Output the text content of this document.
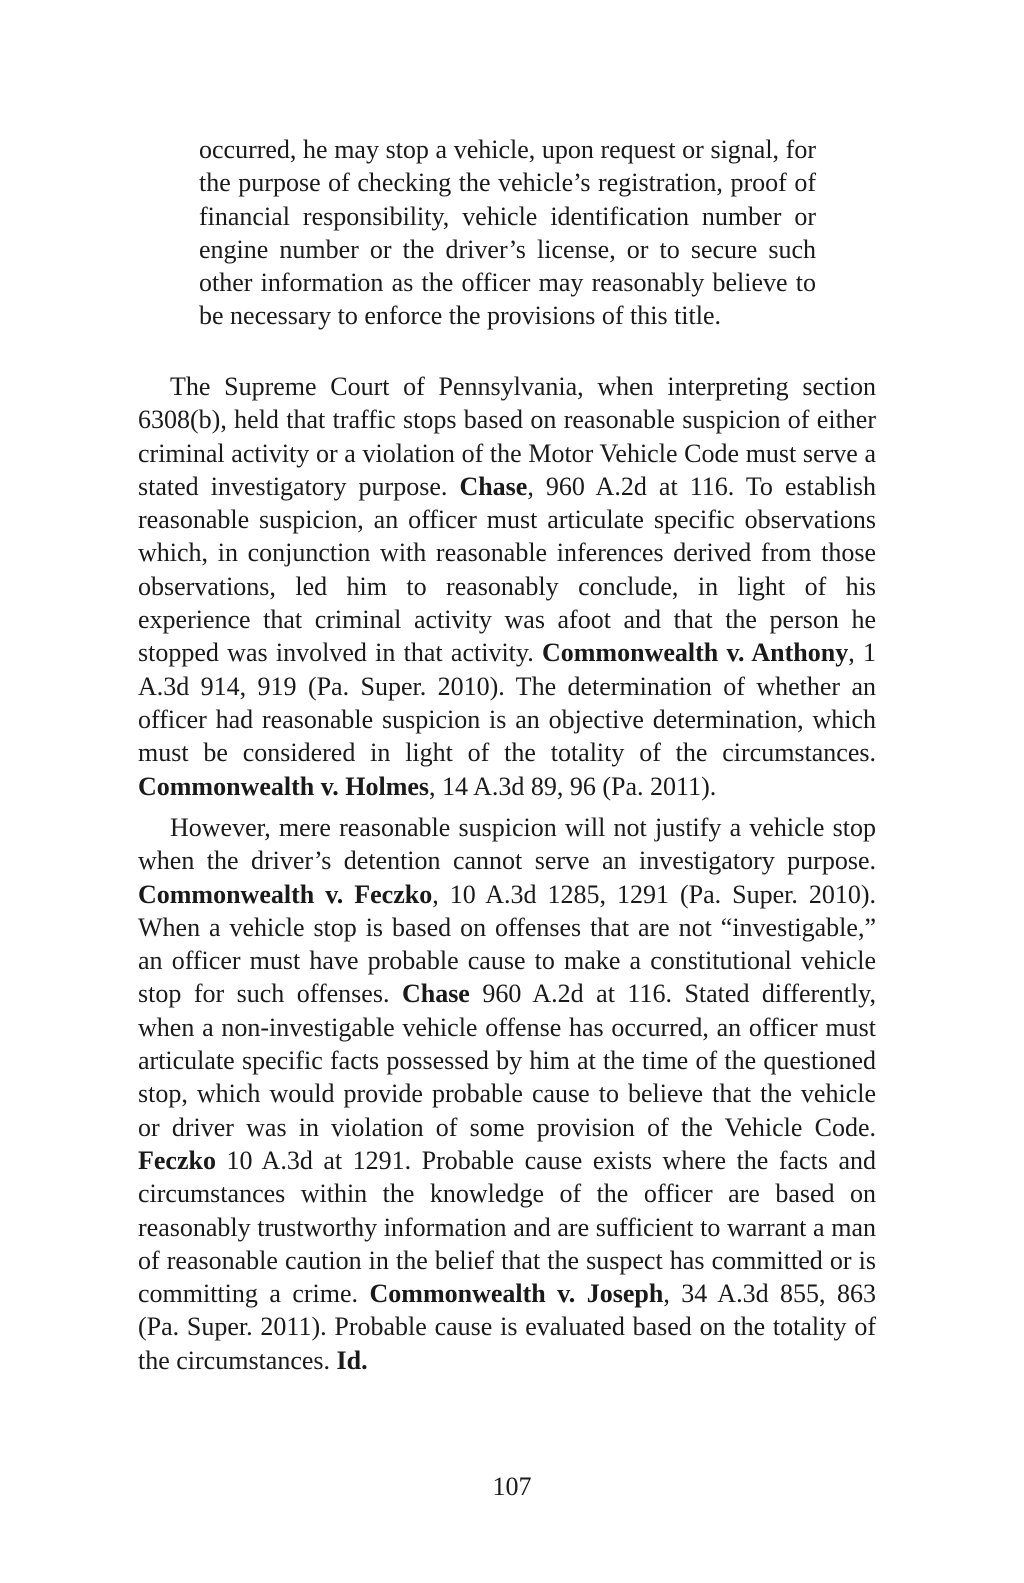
occurred, he may stop a vehicle, upon request or signal, for the purpose of checking the vehicle’s registration, proof of financial responsibility, vehicle identification number or engine number or the driver’s license, or to secure such other information as the officer may reasonably believe to be necessary to enforce the provisions of this title.

The Supreme Court of Pennsylvania, when interpreting section 6308(b), held that traffic stops based on reasonable suspicion of either criminal activity or a violation of the Motor Vehicle Code must serve a stated investigatory purpose. Chase, 960 A.2d at 116. To establish reasonable suspicion, an officer must articulate specific observations which, in conjunction with reasonable inferences derived from those observations, led him to reasonably conclude, in light of his experience that criminal activity was afoot and that the person he stopped was involved in that activity. Commonwealth v. Anthony, 1 A.3d 914, 919 (Pa. Super. 2010). The determination of whether an officer had reasonable suspicion is an objective determination, which must be considered in light of the totality of the circumstances. Commonwealth v. Holmes, 14 A.3d 89, 96 (Pa. 2011).

However, mere reasonable suspicion will not justify a vehicle stop when the driver’s detention cannot serve an investigatory purpose. Commonwealth v. Feczko, 10 A.3d 1285, 1291 (Pa. Super. 2010). When a vehicle stop is based on offenses that are not “investigable,” an officer must have probable cause to make a constitutional vehicle stop for such offenses. Chase 960 A.2d at 116. Stated differently, when a non-investigable vehicle offense has occurred, an officer must articulate specific facts possessed by him at the time of the questioned stop, which would provide probable cause to believe that the vehicle or driver was in violation of some provision of the Vehicle Code. Feczko 10 A.3d at 1291. Probable cause exists where the facts and circumstances within the knowledge of the officer are based on reasonably trustworthy information and are sufficient to warrant a man of reasonable caution in the belief that the suspect has committed or is committing a crime. Commonwealth v. Joseph, 34 A.3d 855, 863 (Pa. Super. 2011). Probable cause is evaluated based on the totality of the circumstances. Id.

107
